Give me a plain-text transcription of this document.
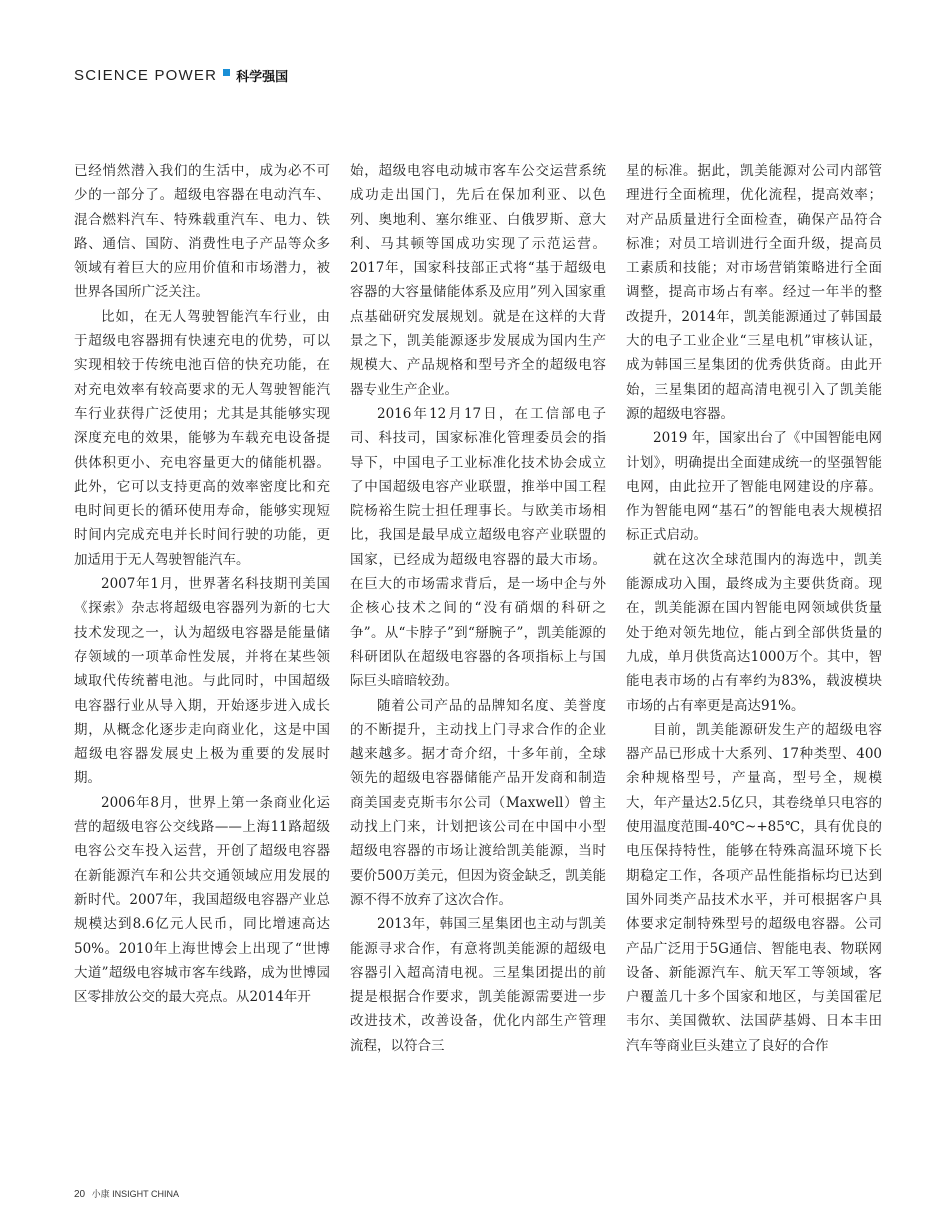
SCIENCE POWER 科学强国

已经悄然潜入我们的生活中，成为必不可少的一部分了。超级电容器在电动汽车、混合燃料汽车、特殊载重汽车、电力、铁路、通信、国防、消费性电子产品等众多领域有着巨大的应用价值和市场潜力，被世界各国所广泛关注。

比如，在无人驾驶智能汽车行业，由于超级电容器拥有快速充电的优势，可以实现相较于传统电池百倍的快充功能，在对充电效率有较高要求的无人驾驶智能汽车行业获得广泛使用；尤其是其能够实现深度充电的效果，能够为车载充电设备提供体积更小、充电容量更大的储能机器。此外，它可以支持更高的效率密度比和充电时间更长的循环使用寿命，能够实现短时间内完成充电并长时间行驶的功能，更加适用于无人驾驶智能汽车。

2007年1月，世界著名科技期刊美国《探索》杂志将超级电容器列为新的七大技术发现之一，认为超级电容器是能量储存领域的一项革命性发展，并将在某些领域取代传统蓄电池。与此同时，中国超级电容器行业从导入期，开始逐步进入成长期，从概念化逐步走向商业化，这是中国超级电容器发展史上极为重要的发展时期。

2006年8月，世界上第一条商业化运营的超级电容公交线路——上海11路超级电容公交车投入运营，开创了超级电容器在新能源汽车和公共交通领域应用发展的新时代。2007年，我国超级电容器产业总规模达到8.6亿元人民币，同比增速高达50%。2010年上海世博会上出现了“世博大道”超级电容城市客车线路，成为世博园区零排放公交的最大亮点。从2014年开

始，超级电容电动城市客车公交运营系统成功走出国门，先后在保加利亚、以色列、奥地利、塞尔维亚、白俄罗斯、意大利、马其顿等国成功实现了示范运营。2017年，国家科技部正式将“基于超级电容器的大容量储能体系及应用”列入国家重点基础研究发展规划。就是在这样的大背景之下，凯美能源逐步发展成为国内生产规模大、产品规格和型号齐全的超级电容器专业生产企业。

2016年12月17日，在工信部电子司、科技司，国家标准化管理委员会的指导下，中国电子工业标准化技术协会成立了中国超级电容产业联盟，推举中国工程院杨裕生院士担任理事长。与欧美市场相比，我国是最早成立超级电容产业联盟的国家，已经成为超级电容器的最大市场。在巨大的市场需求背后，是一场中企与外企核心技术之间的“没有硝烟的科研之争”。从“卡脖子”到“掰腕子”，凯美能源的科研团队在超级电容器的各项指标上与国际巨头暗暗较劲。

随着公司产品的品牌知名度、美誉度的不断提升，主动找上门寻求合作的企业越来越多。据才奇介绍，十多年前，全球领先的超级电容器储能产品开发商和制造商美国麦克斯韦尔公司（Maxwell）曾主动找上门来，计划把该公司在中国中小型超级电容器的市场让渡给凯美能源，当时要价500万美元，但因为资金缺乏，凯美能源不得不放弃了这次合作。

2013年，韩国三星集团也主动与凯美能源寻求合作，有意将凯美能源的超级电容器引入超高清电视。三星集团提出的前提是根据合作要求，凯美能源需要进一步改进技术，改善设备，优化内部生产管理流程，以符合三

星的标准。据此，凯美能源对公司内部管理进行全面梳理，优化流程，提高效率；对产品质量进行全面检查，确保产品符合标准；对员工培训进行全面升级，提高员工素质和技能；对市场营销策略进行全面调整，提高市场占有率。经过一年半的整改提升，2014年，凯美能源通过了韩国最大的电子工业企业“三星电机”审核认证，成为韩国三星集团的优秀供货商。由此开始，三星集团的超高清电视引入了凯美能源的超级电容器。

2019 年，国家出台了《中国智能电网计划》，明确提出全面建成统一的坚强智能电网，由此拉开了智能电网建设的序幕。作为智能电网“基石”的智能电表大规模招标正式启动。

就在这次全球范围内的海选中，凯美能源成功入围，最终成为主要供货商。现在，凯美能源在国内智能电网领域供货量处于绝对领先地位，能占到全部供货量的九成，单月供货高达1000万个。其中，智能电表市场的占有率约为83%，载波模块市场的占有率更是高达91%。

目前，凯美能源研发生产的超级电容器产品已形成十大系列、17种类型、400余种规格型号，产量高，型号全，规模大，年产量达2.5亿只，其卷绕单只电容的使用温度范围-40℃~+85℃，具有优良的电压保持特性，能够在特殊高温环境下长期稳定工作，各项产品性能指标均已达到国外同类产品技术水平，并可根据客户具体要求定制特殊型号的超级电容器。公司产品广泛用于5G通信、智能电表、物联网设备、新能源汽车、航天军工等领域，客户覆盖几十多个国家和地区，与美国霍尼韦尔、美国微软、法国萨基姆、日本丰田汽车等商业巨头建立了良好的合作

20 小康 INSIGHT CHINA
